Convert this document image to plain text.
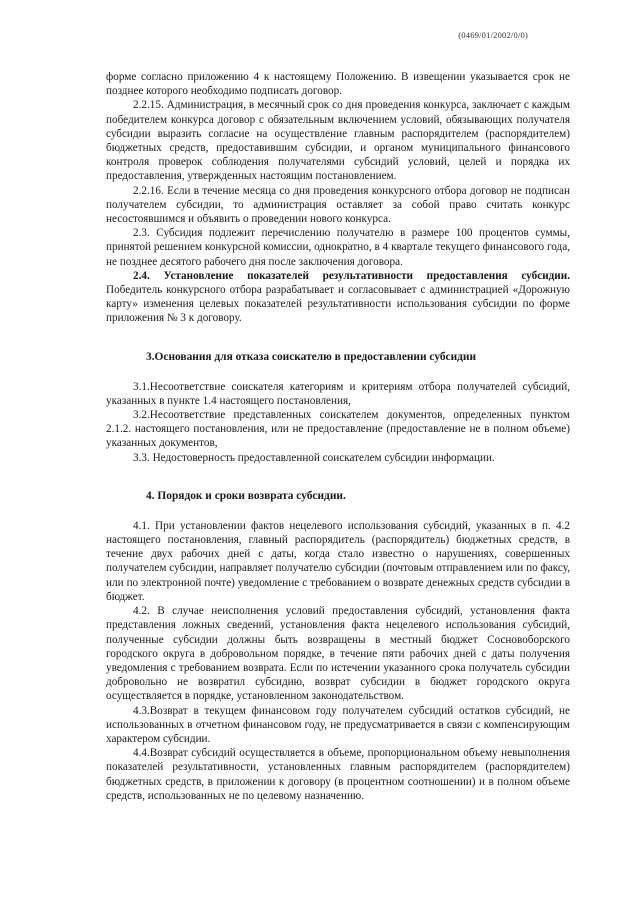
(0469/01/2002/0/0)

форме согласно приложению 4 к настоящему Положению. В извещении указывается срок не позднее которого необходимо подписать договор.

2.2.15. Администрация, в месячный срок со дня проведения конкурса, заключает с каждым победителем конкурса договор с обязательным включением условий, обязывающих получателя субсидии выразить согласие на осуществление главным распорядителем (распорядителем) бюджетных средств, предоставившим субсидии, и органом муниципального финансового контроля проверок соблюдения получателями субсидий условий, целей и порядка их предоставления, утвержденных настоящим постановлением.

2.2.16. Если в течение месяца со дня проведения конкурсного отбора договор не подписан получателем субсидии, то администрация оставляет за собой право считать конкурс несостоявшимся и объявить о проведении нового конкурса.

2.3. Субсидия подлежит перечислению получателю в размере 100 процентов суммы, принятой решением конкурсной комиссии, однократно, в 4 квартале текущего финансового года, не позднее десятого рабочего дня после заключения договора.

2.4. Установление показателей результативности предоставления субсидии. Победитель конкурсного отбора разрабатывает и согласовывает с администрацией «Дорожную карту» изменения целевых показателей результативности использования субсидии по форме приложения № 3 к договору.

3.Основания для отказа соискателю в предоставлении субсидии

3.1.Несоответствие соискателя категориям и критериям отбора получателей субсидий, указанных в пункте 1.4 настоящего постановления,

3.2.Несоответствие представленных соискателем документов, определенных пунктом 2.1.2. настоящего постановления, или не предоставление (предоставление не в полном объеме) указанных документов,

3.3. Недостоверность предоставленной соискателем субсидии информации.

4. Порядок и сроки возврата субсидии.

4.1. При установлении фактов нецелевого использования субсидий, указанных в п. 4.2 настоящего постановления, главный распорядитель (распорядитель) бюджетных средств, в течение двух рабочих дней с даты, когда стало известно о нарушениях, совершенных получателем субсидии, направляет получателю субсидии (почтовым отправлением или по факсу, или по электронной почте) уведомление с требованием о возврате денежных средств субсидии в бюджет.

4.2. В случае неисполнения условий предоставления субсидий, установления факта представления ложных сведений, установления факта нецелевого использования субсидий, полученные субсидии должны быть возвращены в местный бюджет Сосновоборского городского округа в добровольном порядке, в течение пяти рабочих дней с даты получения уведомления с требованием возврата. Если по истечении указанного срока получатель субсидии добровольно не возвратил субсидию, возврат субсидии в бюджет городского округа осуществляется в порядке, установленном законодательством.

4.3.Возврат в текущем финансовом году получателем субсидий остатков субсидий, не использованных в отчетном финансовом году, не предусматривается в связи с компенсирующим характером субсидии.

4.4.Возврат субсидий осуществляется в объеме, пропорциональном объему невыполнения показателей результативности, установленных главным распорядителем (распорядителем) бюджетных средств, в приложении к договору (в процентном соотношении) и в полном объеме средств, использованных не по целевому назначению.
